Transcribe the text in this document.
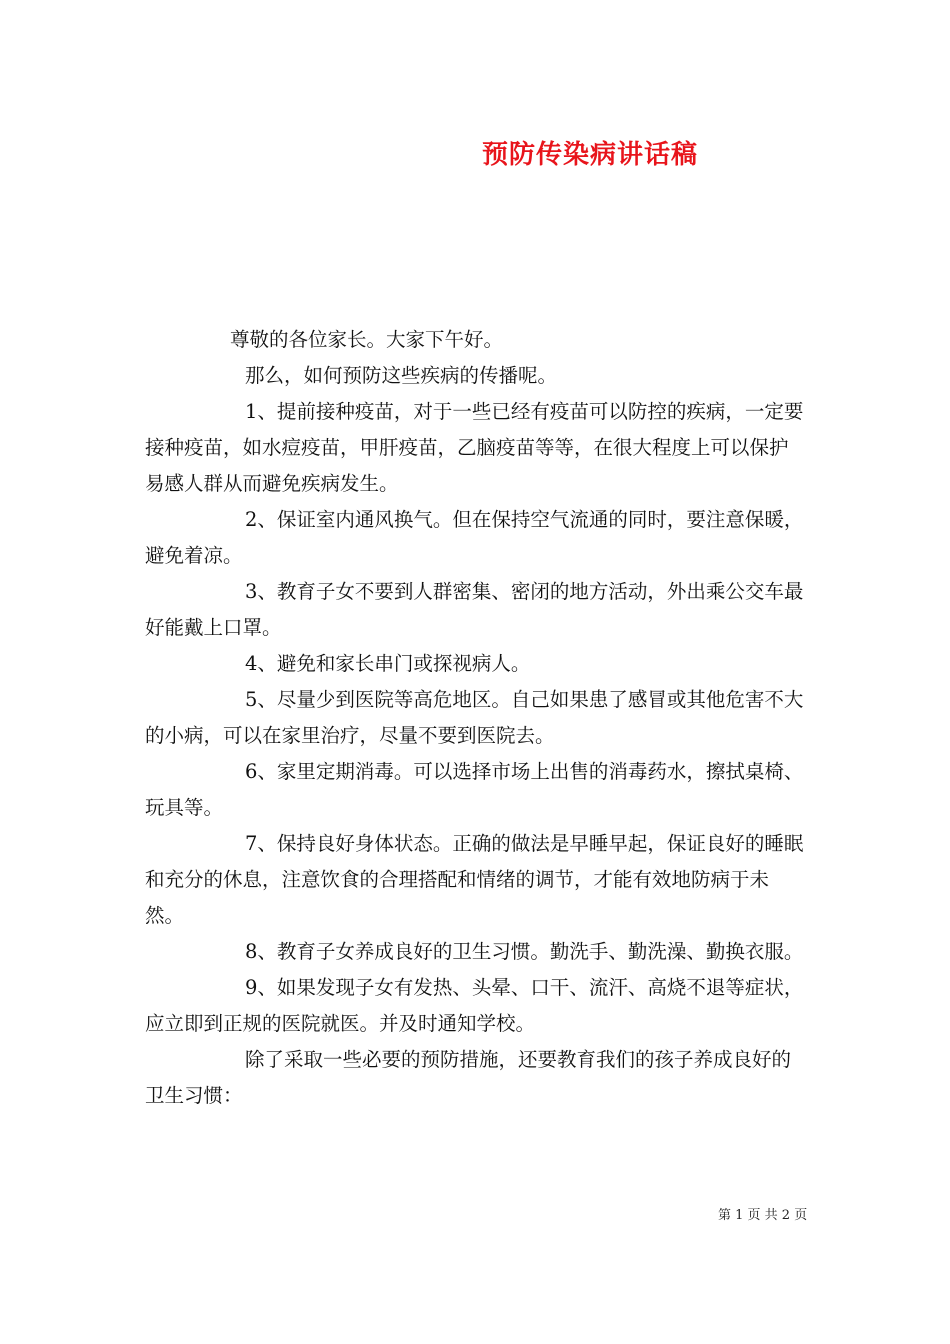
预防传染病讲话稿

尊敬的各位家长。大家下午好。

那么，如何预防这些疾病的传播呢。

1、提前接种疫苗，对于一些已经有疫苗可以防控的疾病，一定要接种疫苗，如水痘疫苗，甲肝疫苗，乙脑疫苗等等，在很大程度上可以保护易感人群从而避免疾病发生。

2、保证室内通风换气。但在保持空气流通的同时，要注意保暖，避免着凉。

3、教育子女不要到人群密集、密闭的地方活动，外出乘公交车最好能戴上口罩。

4、避免和家长串门或探视病人。

5、尽量少到医院等高危地区。自己如果患了感冒或其他危害不大的小病，可以在家里治疗，尽量不要到医院去。

6、家里定期消毒。可以选择市场上出售的消毒药水，擦拭桌椅、玩具等。

7、保持良好身体状态。正确的做法是早睡早起，保证良好的睡眠和充分的休息，注意饮食的合理搭配和情绪的调节，才能有效地防病于未然。

8、教育子女养成良好的卫生习惯。勤洗手、勤洗澡、勤换衣服。

9、如果发现子女有发热、头晕、口干、流汗、高烧不退等症状，应立即到正规的医院就医。并及时通知学校。

除了采取一些必要的预防措施，还要教育我们的孩子养成良好的卫生习惯：

第 1 页 共 2 页
